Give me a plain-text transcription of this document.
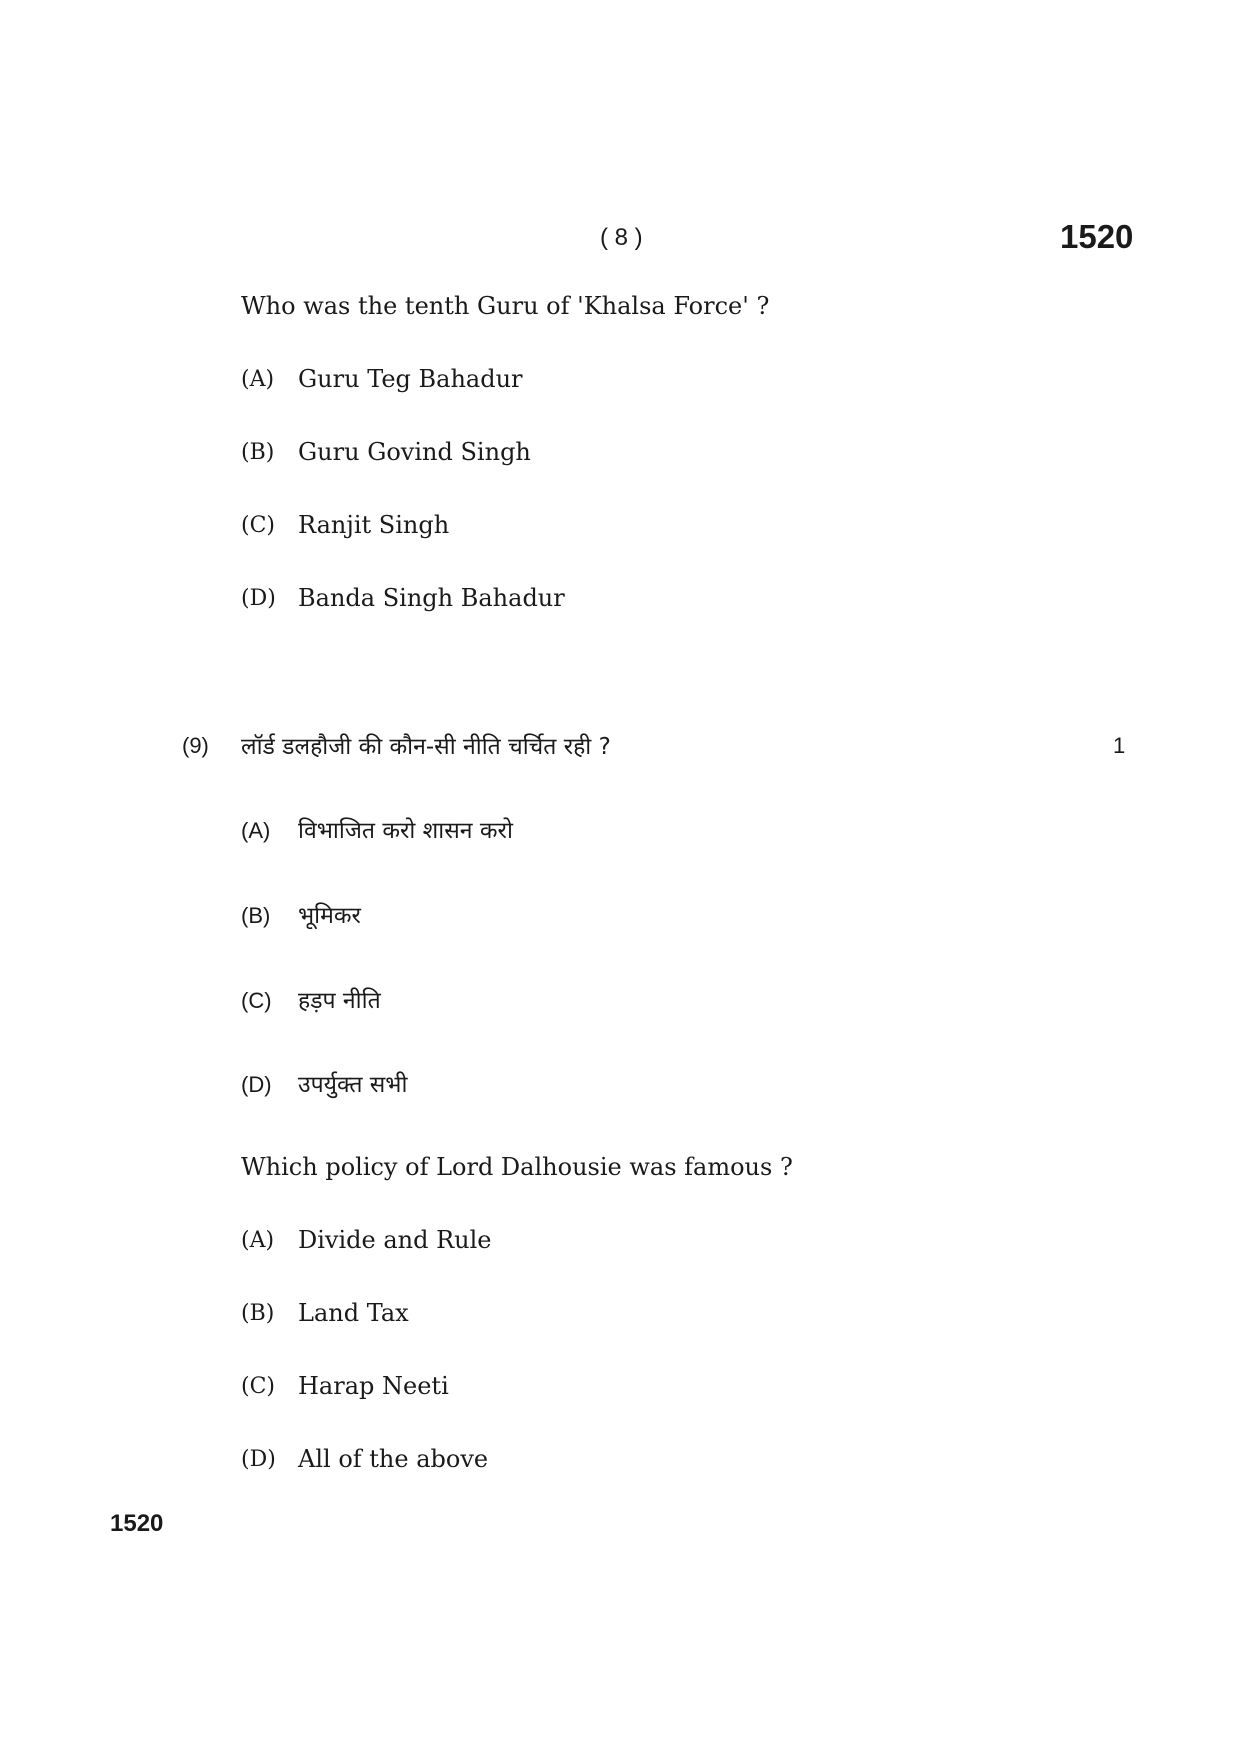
( 8 )	1520
Who was the tenth Guru of 'Khalsa Force' ?
(A) Guru Teg Bahadur
(B) Guru Govind Singh
(C) Ranjit Singh
(D) Banda Singh Bahadur
(9) लॉर्ड डलहौजी की कौन-सी नीति चर्चित रही ?	1
(A) विभाजित करो शासन करो
(B) भूमिकर
(C) हड़प नीति
(D) उपर्युक्त सभी
Which policy of Lord Dalhousie was famous ?
(A) Divide and Rule
(B) Land Tax
(C) Harap Neeti
(D) All of the above
1520
